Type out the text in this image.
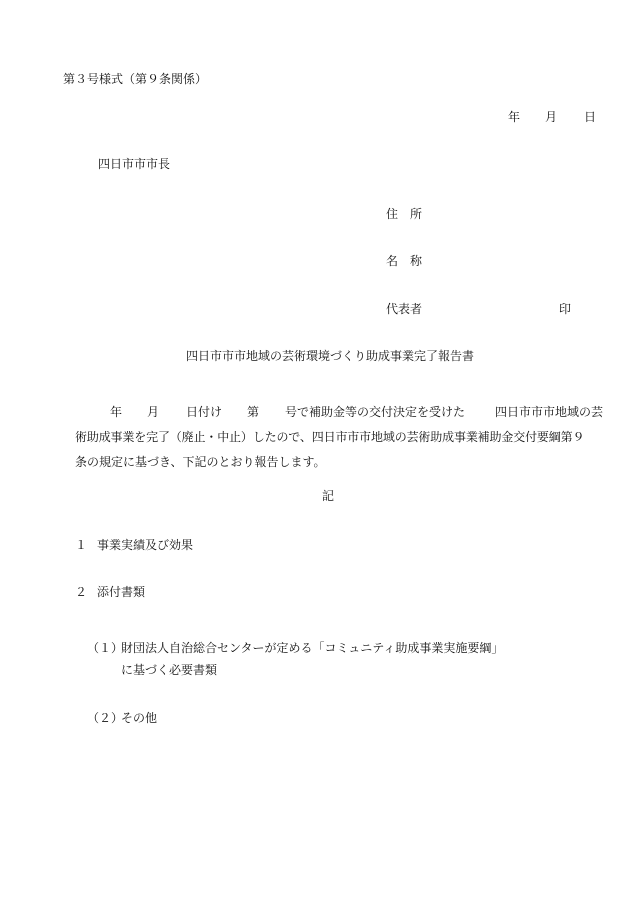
第３号様式（第９条関係）
年 月 日
四日市市市長
住　所
名　称
代表者	印
四日市市市地域の芸術環境づくり助成事業完了報告書
年 月 日付け 第 号で補助金等の交付決定を受けた 四日市市市地域の芸
術助成事業を完了（廃止・中止）したので、四日市市市地域の芸術助成事業補助金交付要綱第９
条の規定に基づき、下記のとおり報告します。
記
１ 事業実績及び効果
２ 添付書類
（１）
財団法人自治総合センターが定める「コミュニティ助成事業実施要綱」
に基づく必要書類
（２）
その他
